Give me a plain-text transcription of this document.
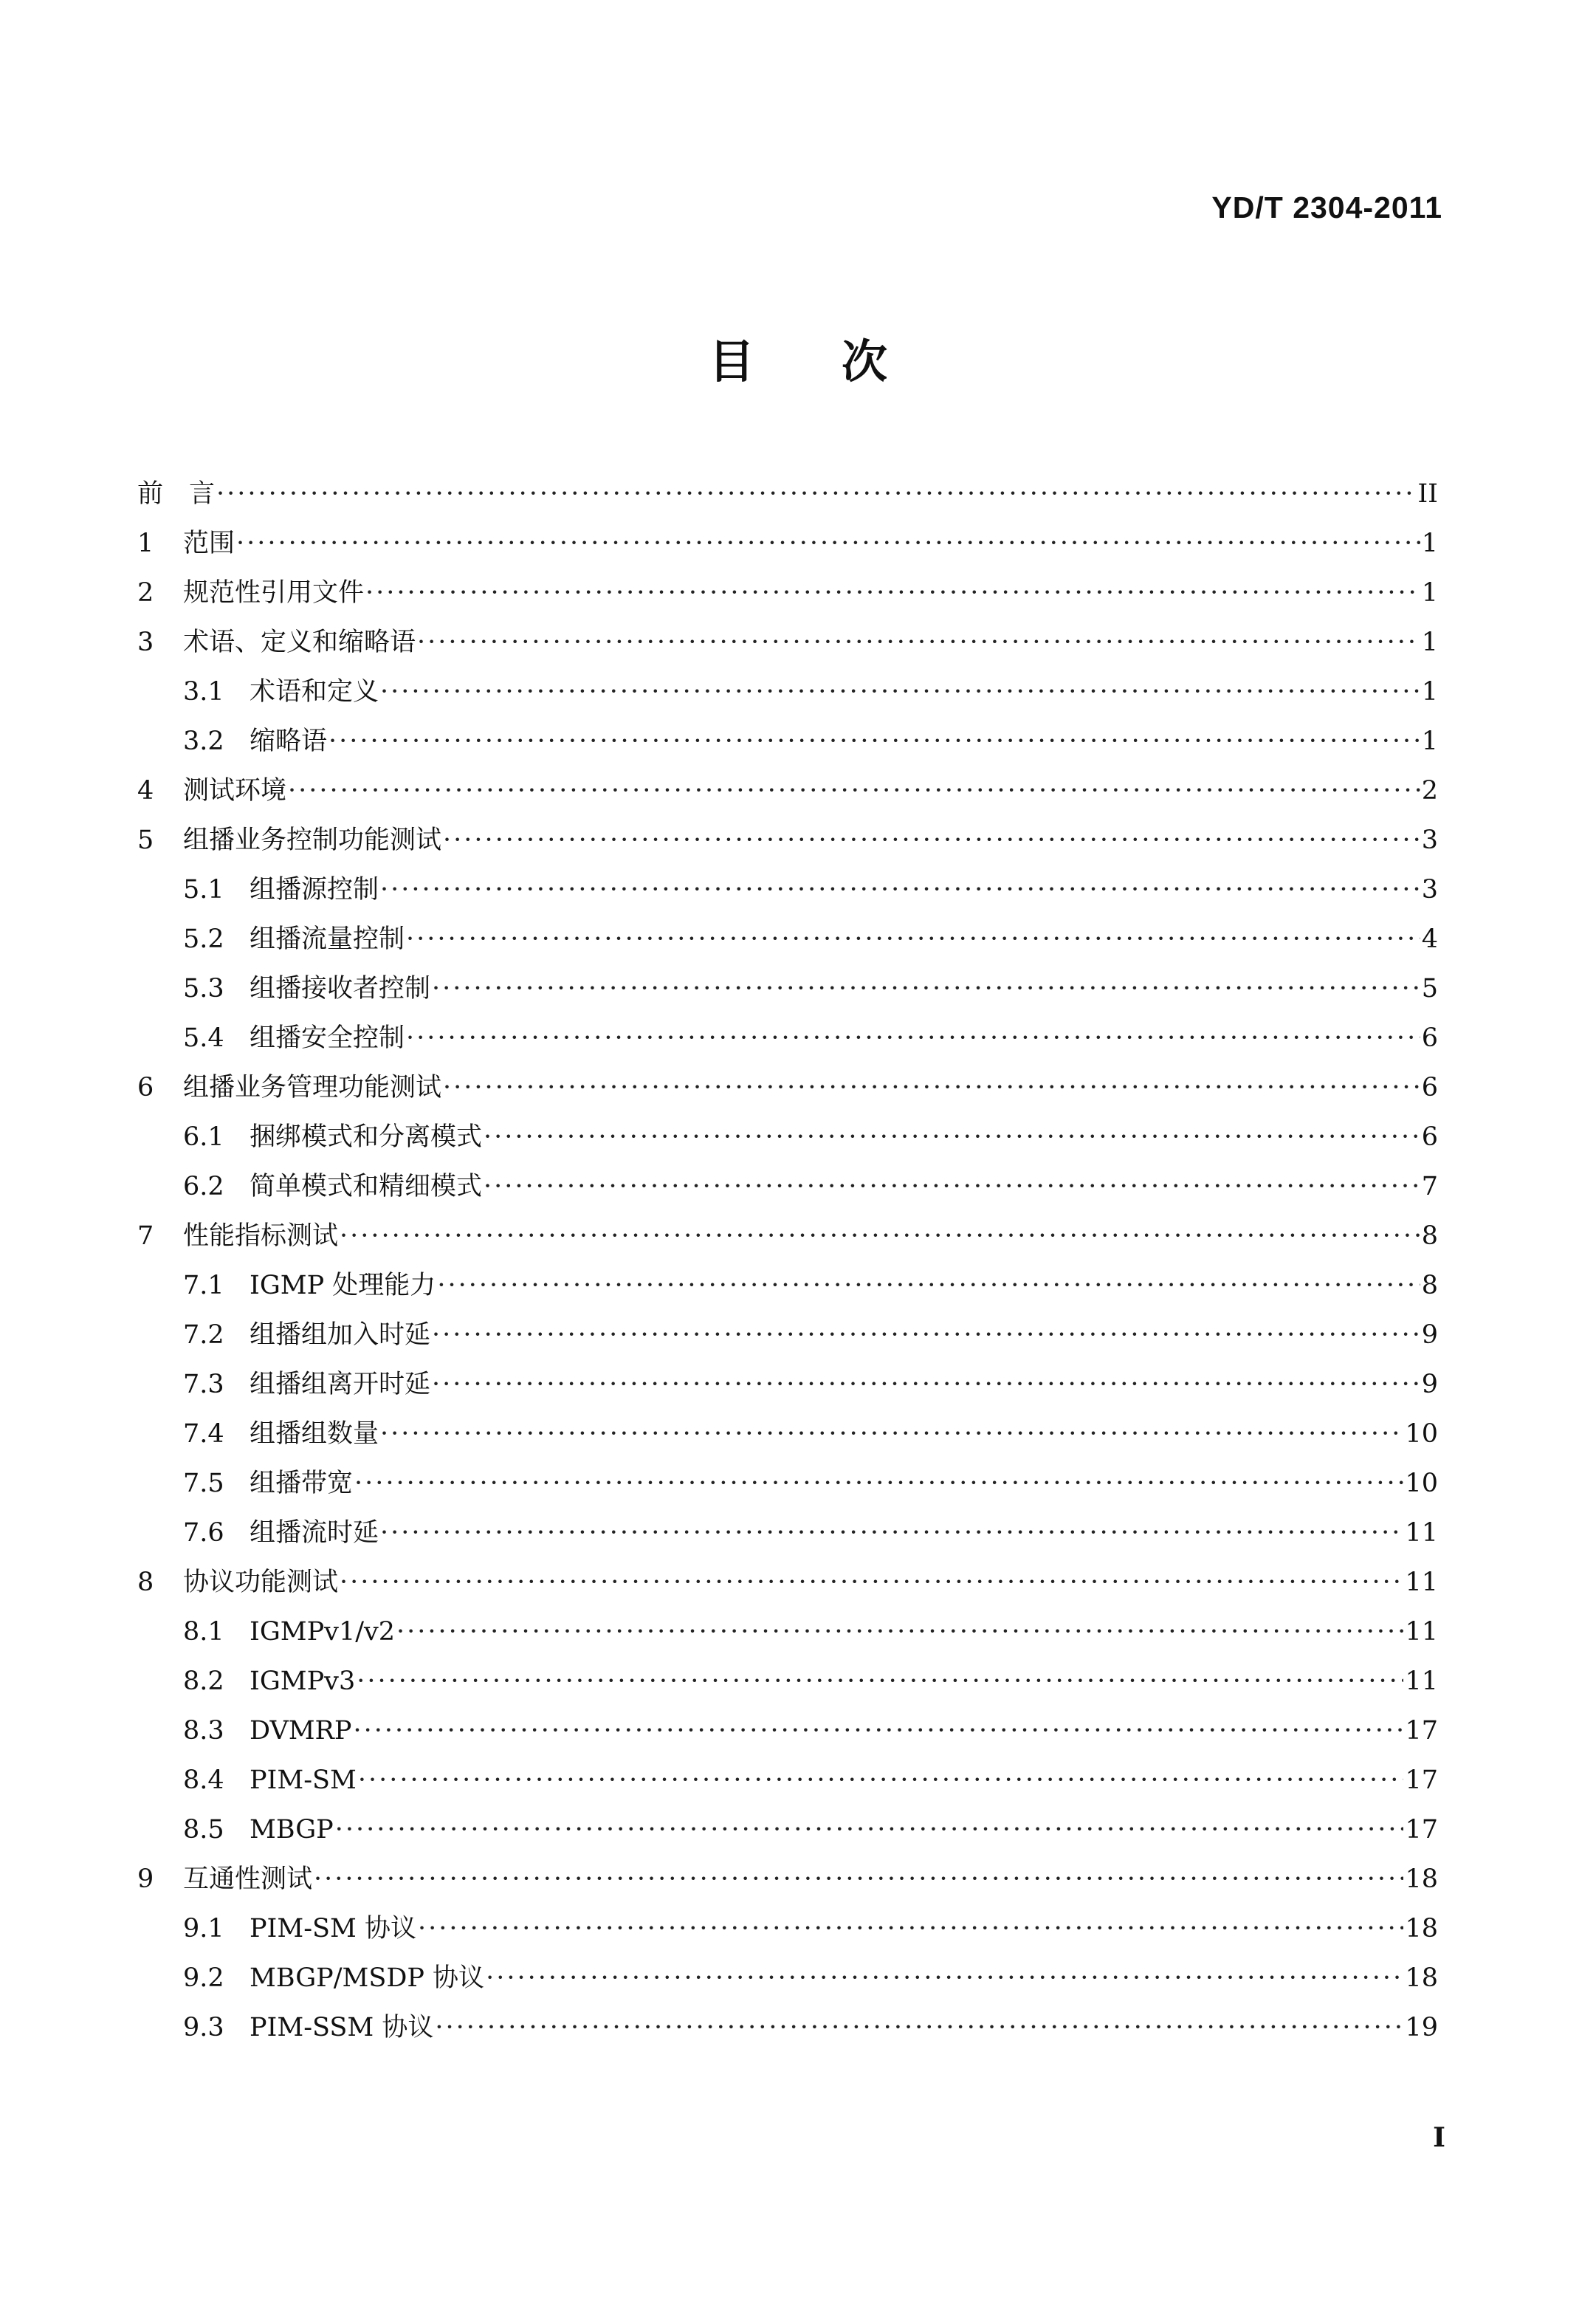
YD/T 2304-2011
目次
前　言 ·····	II
1	范围 ·····	1
2	规范性引用文件 ·····	1
3	术语、定义和缩略语 ·····	1
3.1 术语和定义 ·····	1
3.2 缩略语 ·····	1
4	测试环境 ·····	2
5	组播业务控制功能测试 ·····	3
5.1 组播源控制 ·····	3
5.2 组播流量控制 ·····	4
5.3 组播接收者控制 ·····	5
5.4 组播安全控制 ·····	6
6	组播业务管理功能测试 ·····	6
6.1 捆绑模式和分离模式 ·····	6
6.2 简单模式和精细模式 ·····	7
7	性能指标测试 ·····	8
7.1 IGMP 处理能力 ·····	8
7.2 组播组加入时延 ·····	9
7.3 组播组离开时延 ·····	9
7.4 组播组数量 ·····	10
7.5 组播带宽 ·····	10
7.6 组播流时延 ·····	11
8	协议功能测试 ·····	11
8.1 IGMPv1/v2 ·····	11
8.2 IGMPv3 ·····	11
8.3 DVMRP ·····	17
8.4 PIM-SM ·····	17
8.5 MBGP ·····	17
9	互通性测试 ·····	18
9.1 PIM-SM 协议 ·····	18
9.2 MBGP/MSDP 协议 ·····	18
9.3 PIM-SSM 协议 ·····	19
I
